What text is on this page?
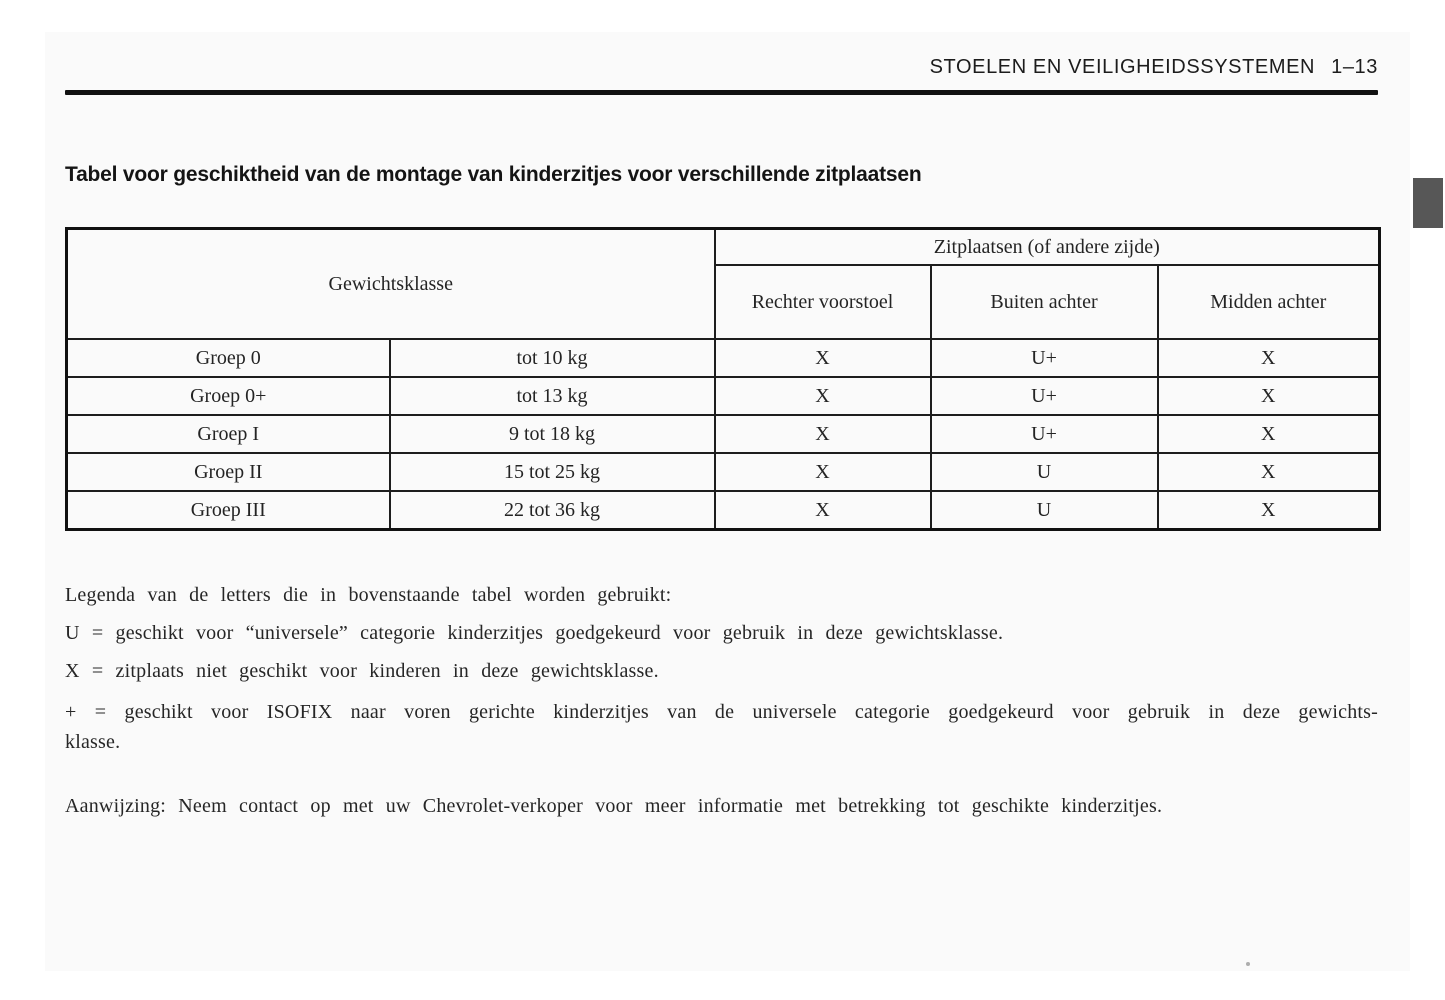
STOELEN EN VEILIGHEIDSSYSTEMEN 1–13
Tabel voor geschiktheid van de montage van kinderzitjes voor verschillende zitplaatsen
Gewichtsklasse		Zitplaatsen (of andere zijde)		
		Rechter voorstoel	Buiten achter	Midden achter
Groep 0	tot 10 kg	X	U+	X
Groep 0+	tot 13 kg	X	U+	X
Groep I	9 tot 18 kg	X	U+	X
Groep II	15 tot 25 kg	X	U	X
Groep III	22 tot 36 kg	X	U	X

Legenda van de letters die in bovenstaande tabel worden gebruikt:

U = geschikt voor “universele” categorie kinderzitjes goedgekeurd voor gebruik in deze gewichtsklasse.

X = zitplaats niet geschikt voor kinderen in deze gewichtsklasse.

+ = geschikt voor ISOFIX naar voren gerichte kinderzitjes van de universele categorie goedgekeurd voor gebruik in deze gewichts-
klasse.

Aanwijzing: Neem contact op met uw Chevrolet-verkoper voor meer informatie met betrekking tot geschikte kinderzitjes.
